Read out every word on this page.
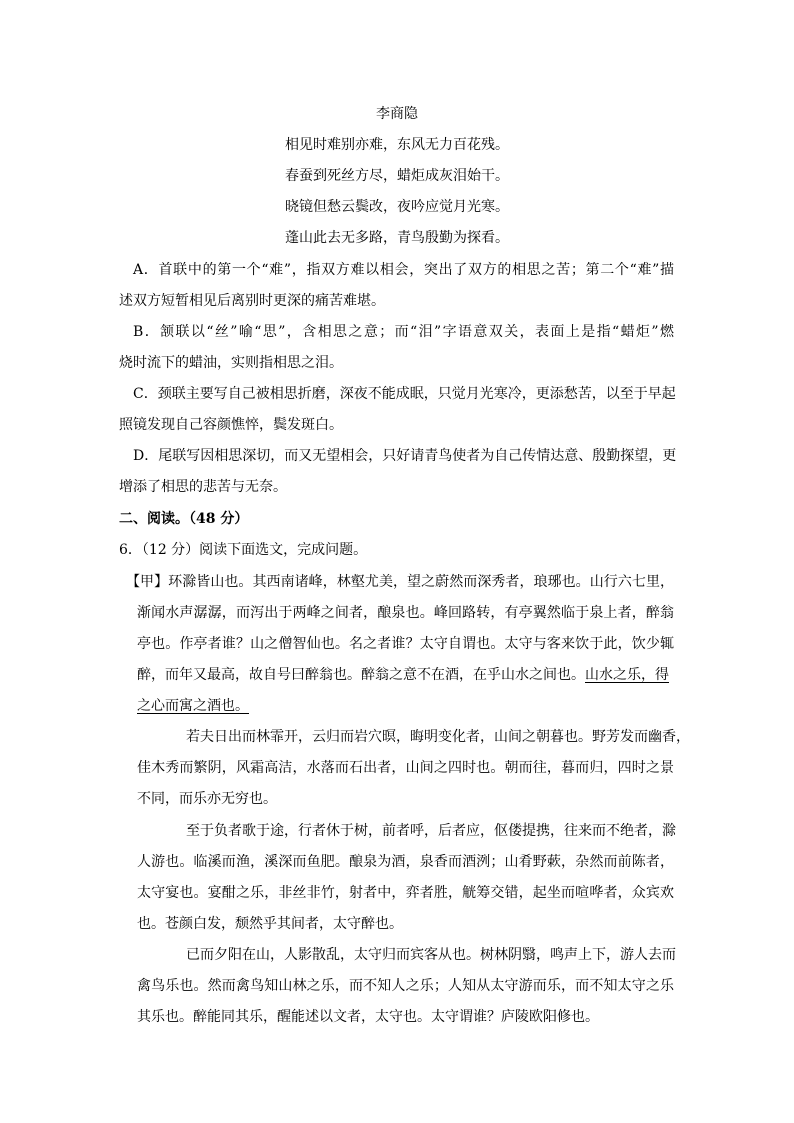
李商隐
相见时难别亦难，东风无力百花残。
春蚕到死丝方尽，蜡炬成灰泪始干。
晓镜但愁云鬓改，夜吟应觉月光寒。
蓬山此去无多路，青鸟殷勤为探看。
A．首联中的第一个“难”，指双方难以相会，突出了双方的相思之苦；第二个“难”描
述双方短暂相见后离别时更深的痛苦难堪。
B．颔联以“丝”喻“思”，含相思之意；而“泪”字语意双关，表面上是指“蜡炬”燃
烧时流下的蜡油，实则指相思之泪。
C．颈联主要写自己被相思折磨，深夜不能成眠，只觉月光寒冷，更添愁苦，以至于早起
照镜发现自己容颜憔悴，鬓发斑白。
D．尾联写因相思深切，而又无望相会，只好请青鸟使者为自己传情达意、殷勤探望，更
增添了相思的悲苦与无奈。
二、阅读。（48 分）
6．（12 分）阅读下面选文，完成问题。
【甲】环滁皆山也。其西南诸峰，林壑尤美，望之蔚然而深秀者，琅琊也。山行六七里，
渐闻水声潺潺，而泻出于两峰之间者，酿泉也。峰回路转，有亭翼然临于泉上者，醉翁
亭也。作亭者谁？山之僧智仙也。名之者谁？太守自谓也。太守与客来饮于此，饮少辄
醉，而年又最高，故自号曰醉翁也。醉翁之意不在酒，在乎山水之间也。山水之乐，得
之心而寓之酒也。
若夫日出而林霏开，云归而岩穴暝，晦明变化者，山间之朝暮也。野芳发而幽香，
佳木秀而繁阴，风霜高洁，水落而石出者，山间之四时也。朝而往，暮而归，四时之景
不同，而乐亦无穷也。
至于负者歌于途，行者休于树，前者呼，后者应，伛偻提携，往来而不绝者，滁
人游也。临溪而渔，溪深而鱼肥。酿泉为酒，泉香而酒洌；山肴野蔌，杂然而前陈者，
太守宴也。宴酣之乐，非丝非竹，射者中，弈者胜，觥筹交错，起坐而喧哗者，众宾欢
也。苍颜白发，颓然乎其间者，太守醉也。
已而夕阳在山，人影散乱，太守归而宾客从也。树林阴翳，鸣声上下，游人去而
禽鸟乐也。然而禽鸟知山林之乐，而不知人之乐；人知从太守游而乐，而不知太守之乐
其乐也。醉能同其乐，醒能述以文者，太守也。太守谓谁？庐陵欧阳修也。
